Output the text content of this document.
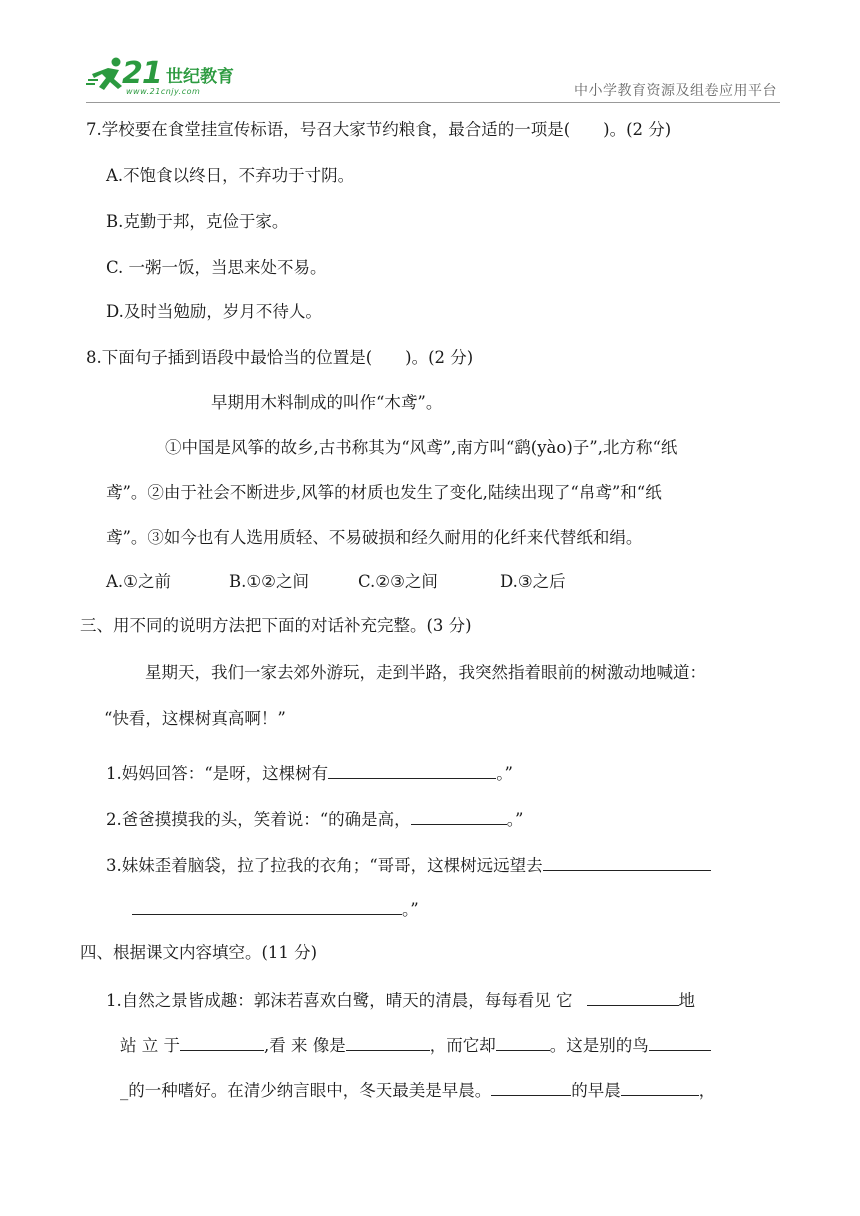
21 世纪教育
www.21cnjy.com	中小学教育资源及组卷应用平台
7.学校要在食堂挂宣传标语，号召大家节约粮食，最合适的一项是(　　)。(2 分)
A.不饱食以终日，不弃功于寸阴。
B.克勤于邦，克俭于家。
C. 一粥一饭，当思来处不易。
D.及时当勉励，岁月不待人。
8.下面句子插到语段中最恰当的位置是(　　)。(2 分)
早期用木料制成的叫作“木鸢”。
①中国是风筝的故乡,古书称其为“风鸢”,南方叫“鹞(yào)子”,北方称“纸
鸢”。②由于社会不断进步,风筝的材质也发生了变化,陆续出现了“帛鸢”和“纸
鸢”。③如今也有人选用质轻、不易破损和经久耐用的化纤来代替纸和绢。
A.①之前	B.①②之间	C.②③之间	D.③之后
三、用不同的说明方法把下面的对话补充完整。(3 分)
星期天，我们一家去郊外游玩，走到半路，我突然指着眼前的树激动地喊道：
“快看，这棵树真高啊！”
1.妈妈回答：“是呀，这棵树有	。”
2.爸爸摸摸我的头，笑着说：“的确是高，	。”
3.妹妹歪着脑袋，拉了拉我的衣角；“哥哥，这棵树远远望去
。”
四、根据课文内容填空。(11 分)
1.自然之景皆成趣：郭沫若喜欢白鹭，晴天的清晨，每每看见 它	地
站 立 于	,看 来 像是	，而它却	。这是别的鸟
_的一种嗜好。在清少纳言眼中，冬天最美是早晨。	的早晨	，
